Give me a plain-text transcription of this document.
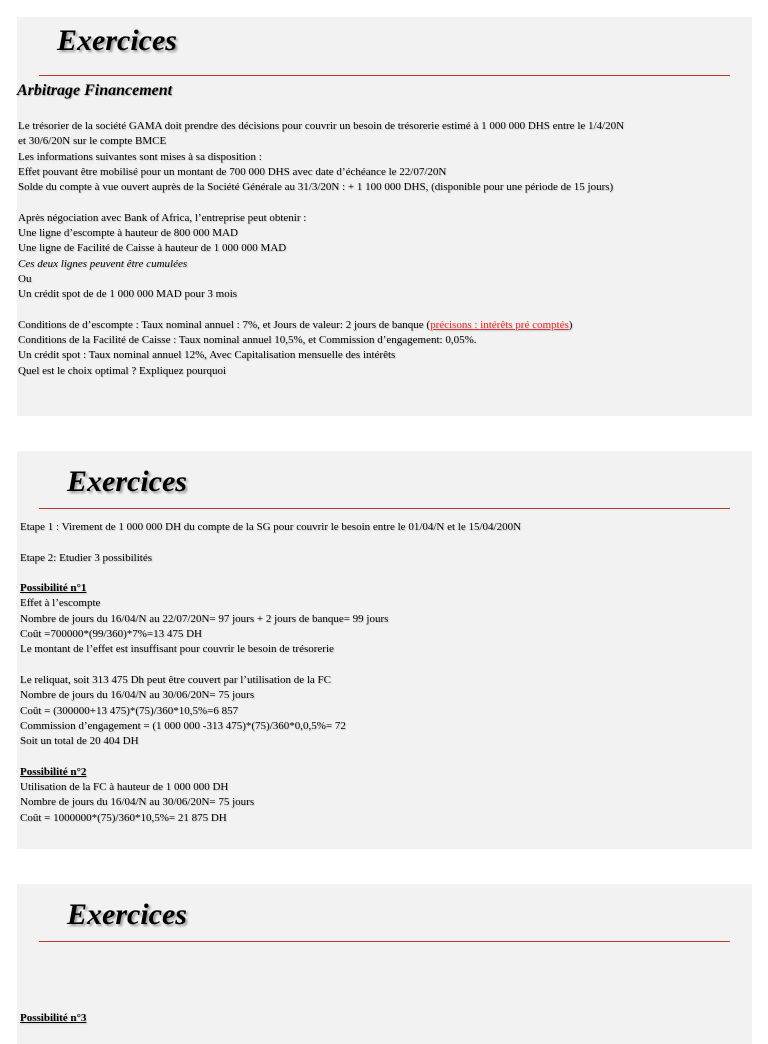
Exercices
Arbitrage Financement
Le trésorier de la société GAMA doit prendre des décisions pour couvrir un besoin de trésorerie estimé à 1 000 000 DHS entre le 1/4/20N
et 30/6/20N sur le compte BMCE
Les informations suivantes sont mises à sa disposition :
Effet pouvant être mobilisé pour un montant de 700 000 DHS avec date d’échéance le 22/07/20N
Solde du compte à vue ouvert auprès de la Société Générale au 31/3/20N : + 1 100 000 DHS, (disponible pour une période de 15 jours)
Après négociation avec Bank of Africa, l’entreprise peut obtenir :
Une ligne d’escompte à hauteur de 800 000 MAD
Une ligne de Facilité de Caisse à hauteur de 1 000 000 MAD
Ces deux lignes peuvent être cumulées
Ou
Un crédit spot de de 1 000 000 MAD pour 3 mois
Conditions de d’escompte : Taux nominal annuel : 7%, et Jours de valeur: 2 jours de banque (précisons : intérêts pré comptés)
Conditions de la Facilité de Caisse : Taux nominal annuel 10,5%, et Commission d’engagement: 0,05%.
Un crédit spot : Taux nominal annuel 12%, Avec Capitalisation mensuelle des intérêts
Quel est le choix optimal ? Expliquez pourquoi
Exercices
Etape 1 : Virement de 1 000 000 DH du compte de la SG pour couvrir le besoin entre le 01/04/N et le 15/04/200N
Etape 2: Etudier 3 possibilités
Possibilité n°1
Effet à l’escompte
Nombre de jours du 16/04/N au 22/07/20N= 97 jours + 2 jours de banque= 99 jours
Coût =700000*(99/360)*7%=13 475 DH
Le montant de l’effet est insuffisant pour couvrir le besoin de trésorerie
Le reliquat, soit 313 475 Dh peut être couvert par l’utilisation de la FC
Nombre de jours du 16/04/N au 30/06/20N= 75 jours
Coût = (300000+13 475)*(75)/360*10,5%=6 857
Commission d’engagement = (1 000 000 -313 475)*(75)/360*0,0,5%= 72
Soit un total de 20 404 DH
Possibilité n°2
Utilisation de la FC à hauteur de 1 000 000 DH
Nombre de jours du 16/04/N au 30/06/20N= 75 jours
Coût = 1000000*(75)/360*10,5%= 21 875 DH
Exercices
Possibilité n°3
